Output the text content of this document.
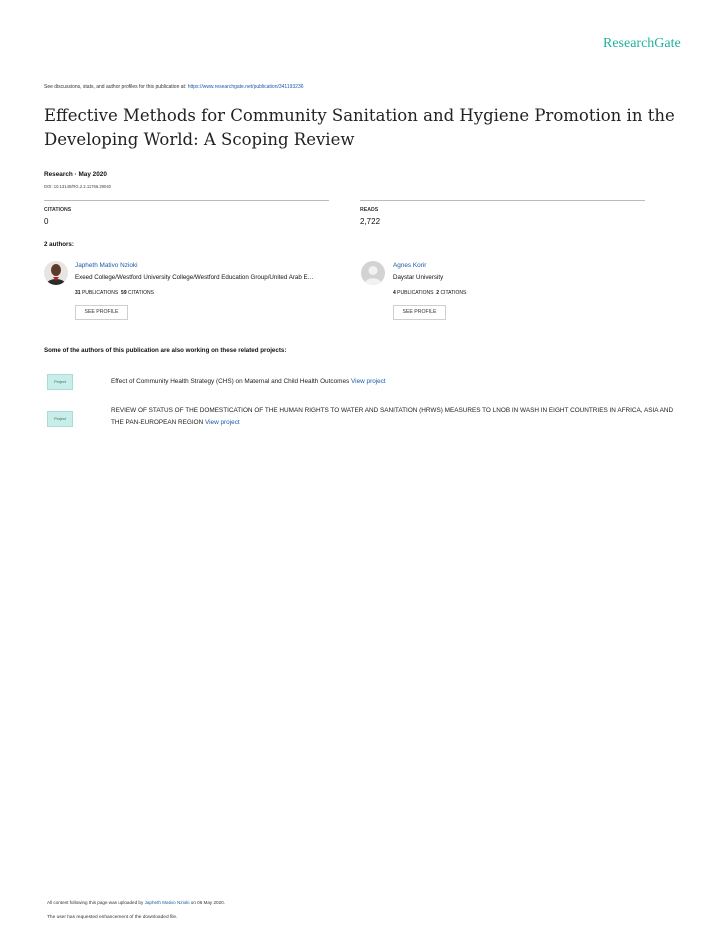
ResearchGate
See discussions, stats, and author profiles for this publication at: https://www.researchgate.net/publication/341193236
Effective Methods for Community Sanitation and Hygiene Promotion in the Developing World: A Scoping Review
Research · May 2020
DOI: 10.13140/RG.2.2.11766.29040
CITATIONS
0
READS
2,722
2 authors:
Japheth Mativo Nzioki
Exeed College/Westford University College/Westford Education Group/United Arab E…
31 PUBLICATIONS 59 CITATIONS
SEE PROFILE
Agnes Korir
Daystar University
4 PUBLICATIONS 2 CITATIONS
SEE PROFILE
Some of the authors of this publication are also working on these related projects:
Project	Effect of Community Health Strategy (CHS) on Maternal and Child Health Outcomes View project
Project
REVIEW OF STATUS OF THE DOMESTICATION OF THE HUMAN RIGHTS TO WATER AND SANITATION (HRWS) MEASURES TO LNOB IN WASH IN EIGHT COUNTRIES IN AFRICA, ASIA AND THE PAN-EUROPEAN REGION View project
All content following this page was uploaded by Japheth Mativo Nzioki on 06 May 2020.
The user has requested enhancement of the downloaded file.
